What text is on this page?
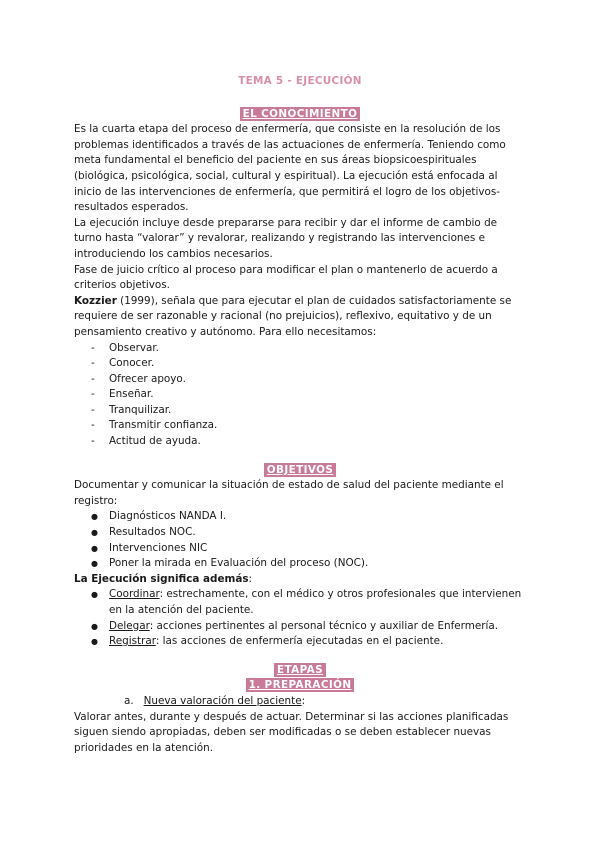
TEMA 5 - EJECUCIÓN
EL CONOCIMIENTO

Es la cuarta etapa del proceso de enfermería, que consiste en la resolución de los problemas identificados a través de las actuaciones de enfermería. Teniendo como meta fundamental el beneficio del paciente en sus áreas biopsicoespirituales (biológica, psicológica, social, cultural y espiritual). La ejecución está enfocada al inicio de las intervenciones de enfermería, que permitirá el logro de los objetivos-resultados esperados.

La ejecución incluye desde prepararse para recibir y dar el informe de cambio de turno hasta “valorar” y revalorar, realizando y registrando las intervenciones e introduciendo los cambios necesarios.

Fase de juicio crítico al proceso para modificar el plan o mantenerlo de acuerdo a criterios objetivos.

Kozzier (1999), señala que para ejecutar el plan de cuidados satisfactoriamente se requiere de ser razonable y racional (no prejuicios), reflexivo, equitativo y de un pensamiento creativo y autónomo. Para ello necesitamos:

- Observar.
- Conocer.
- Ofrecer apoyo.
- Enseñar.
- Tranquilizar.
- Transmitir confianza.
- Actitud de ayuda.
OBJETIVOS

Documentar y comunicar la situación de estado de salud del paciente mediante el registro:

● Diagnósticos NANDA I.
● Resultados NOC.
● Intervenciones NIC
● Poner la mirada en Evaluación del proceso (NOC).

La Ejecución significa además:

● Coordinar: estrechamente, con el médico y otros profesionales que intervienen en la atención del paciente.
● Delegar: acciones pertinentes al personal técnico y auxiliar de Enfermería.
● Registrar: las acciones de enfermería ejecutadas en el paciente.
ETAPAS
1. PREPARACIÓN

a. Nueva valoración del paciente:

Valorar antes, durante y después de actuar. Determinar si las acciones planificadas siguen siendo apropiadas, deben ser modificadas o se deben establecer nuevas prioridades en la atención.
